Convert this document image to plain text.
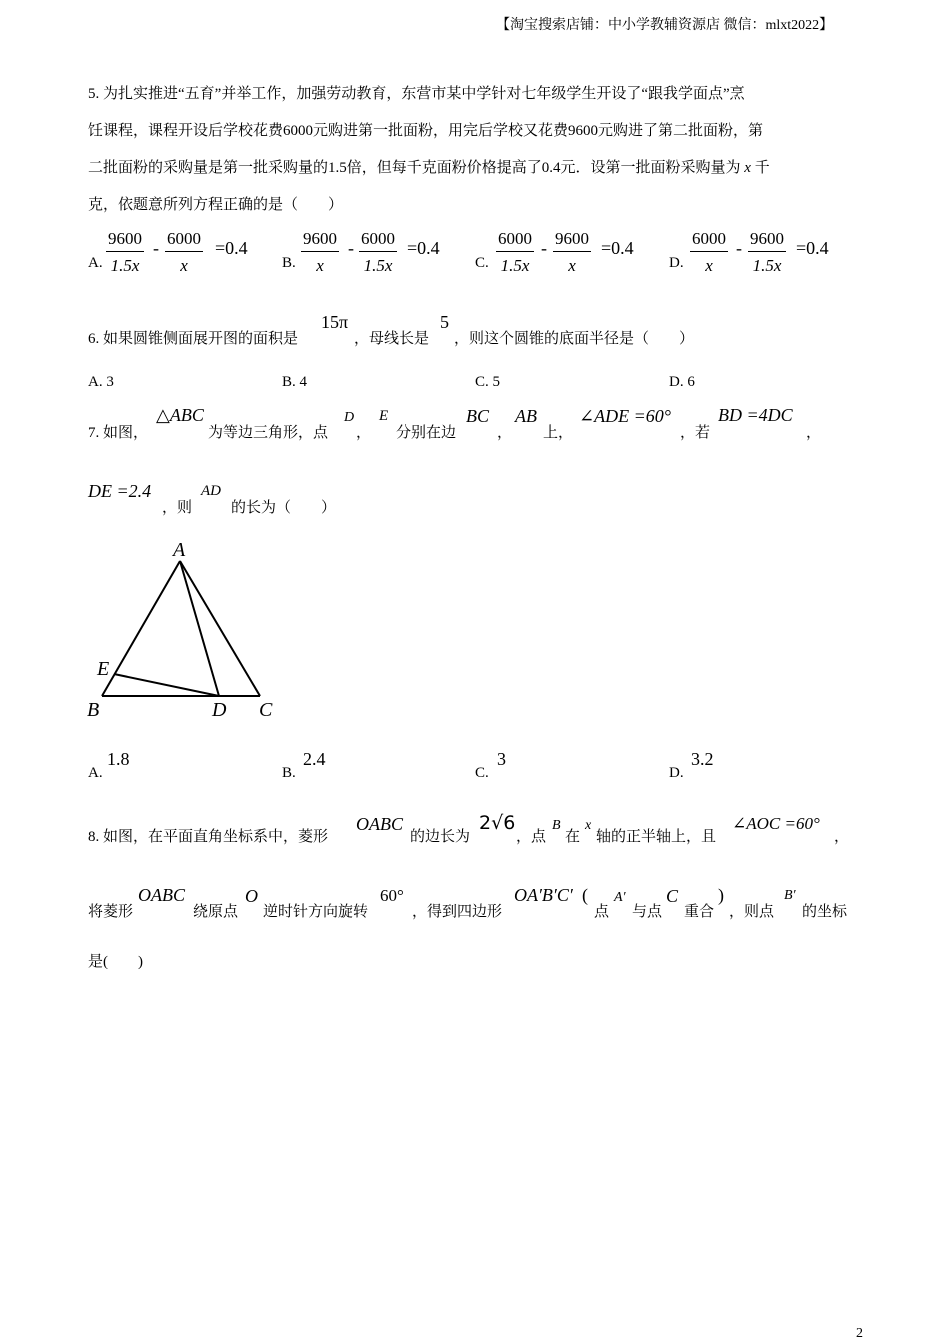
【淘宝搜索店铺：中小学教辅资源店 微信：mlxt2022】
5. 为扎实推进“五育”并举工作，加强劳动教育，东营市某中学针对七年级学生开设了“跟我学面点”烹
饪课程，课程开设后学校花费6000元购进第一批面粉，用完后学校又花费9600元购进了第二批面粉，第
二批面粉的采购量是第一批采购量的1.5倍，但每千克面粉价格提高了0.4元．设第一批面粉采购量为 x 千
克，依题意所列方程正确的是（　　）
A. $\frac{9600}{1.5x} - \frac{6000}{x} =0.4$
B. $\frac{9600}{x} - \frac{6000}{1.5x} =0.4$
C. $\frac{6000}{1.5x} - \frac{9600}{x} =0.4$
D. $\frac{6000}{x} - \frac{9600}{1.5x} =0.4$
6. 如果圆锥侧面展开图的面积是
15π
，母线长是
5
，则这个圆锥的底面半径是（　　）
A. 3	B. 4	C. 5	D. 6
7. 如图，
△ABC
为等边三角形，点
D
，
E
分别在边
BC
，
AB
上，
∠ADE =60°
，若
BD =4DC
，
DE =2.4
，则
AD
的长为（　　）
A
E
B	D C
A.
1.8
B.
2.4
C.
3
D.
3.2
8. 如图，在平面直角坐标系中，菱形
OABC
的边长为
2√6
，点
B
在
x
轴的正半轴上，且
∠AOC =60°
，
将菱形
OABC
绕原点
O
逆时针方向旋转
60°
，得到四边形
OA′B′C′ (
点
A′
与点
C
重合
)
，则点
B′
的坐标
是(　　)
2
